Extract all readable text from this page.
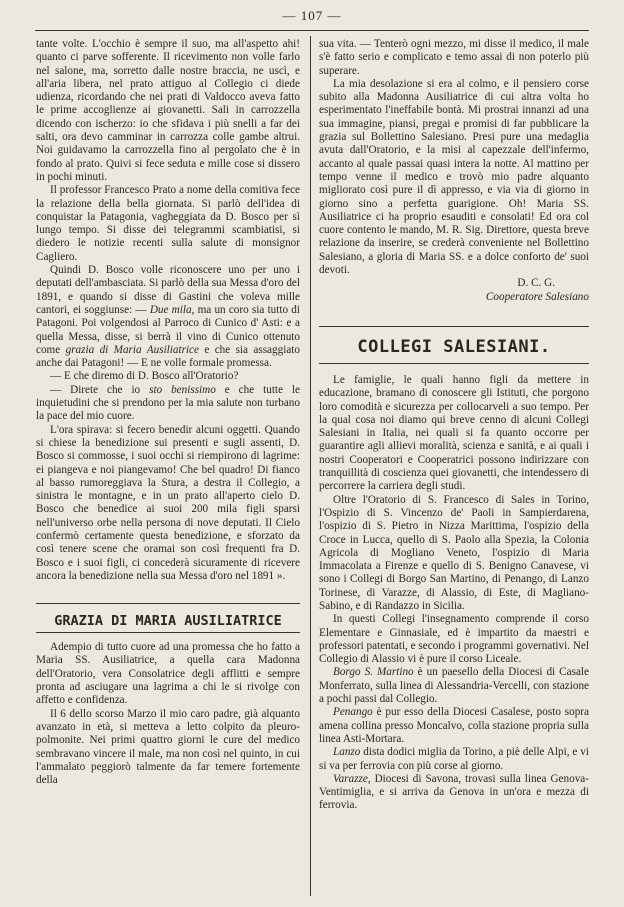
— 107 —

tante volte. L'occhio è sempre il suo, ma all'aspetto ahi! quanto ci parve sofferente. Il ricevimento non volle farlo nel salone, ma, sorretto dalle nostre braccia, ne uscì, e all'aria libera, nel prato attiguo al Collegio ci diede udienza, ricordando che nei prati di Valdocco aveva fatto le prime accoglienze ai giovanetti. Sali in carrozzella dicendo con ischerzo: io che sfidava i più snelli a far dei salti, ora devo camminar in carrozza colle gambe altrui. Noi guidavamo la carrozzella fino al pergolato che è in fondo al prato. Quivi si fece seduta e mille cose si dissero in pochi minuti.

Il professor Francesco Prato a nome della comitiva fece la relazione della bella giornata. Si parlò dell'idea di conquistar la Patagonia, vagheggiata da D. Bosco per sì lungo tempo. Si disse dei telegrammi scambiatisi, si diedero le notizie recenti sulla salute di monsignor Cagliero.

Quindi D. Bosco volle riconoscere uno per uno i deputati dell'ambasciata. Si parlò della sua Messa d'oro del 1891, e quando si disse di Gastini che voleva mille cantori, ei soggiunse: — Due mila, ma un coro sia tutto di Patagoni. Poi volgendosi al Parroco di Cunico d' Asti: e a quella Messa, disse, si berrà il vino di Cunico ottenuto come grazia di Maria Ausiliatrice e che sia assaggiato anche dai Patagoni! — E ne volle formale promessa.

— E che diremo di D. Bosco all'Oratorio?

— Direte che io sto benissimo e che tutte le inquietudini che si prendono per la mia salute non turbano la pace del mio cuore.

L'ora spirava: si fecero benedir alcuni oggetti. Quando si chiese la benedizione sui presenti e sugli assenti, D. Bosco si commosse, i suoi occhi si riempirono di lagrime: ei piangeva e noi piangevamo! Che bel quadro! Di fianco al basso rumoreggiava la Stura, a destra il Collegio, a sinistra le montagne, e in un prato all'aperto cielo D. Bosco che benedice ai suoi 200 mila figli sparsi nell'universo orbe nella persona di nove deputati. Il Cielo confermò certamente questa benedizione, e sforzato da così tenere scene che oramai son così frequenti fra D. Bosco e i suoi figli, ci concederà sicuramente di ricevere ancora la benedizione nella sua Messa d'oro nel 1891 ».

GRAZIA DI MARIA AUSILIATRICE

Adempio di tutto cuore ad una promessa che ho fatto a Maria SS. Ausiliatrice, a quella cara Madonna dell'Oratorio, vera Consolatrice degli afflitti e sempre pronta ad asciugare una lagrima a chi le si rivolge con affetto e confidenza.

Il 6 dello scorso Marzo il mio caro padre, già alquanto avanzato in età, si metteva a letto colpito da pleuro-polmonite. Nei primi quattro giorni le cure del medico sembravano vincere il male, ma non così nel quinto, in cui l'ammalato peggiorò talmente da far temere fortemente della

sua vita. — Tenterò ogni mezzo, mi disse il medico, il male s'è fatto serio e complicato e temo assai di non poterlo più superare.

La mia desolazione si era al colmo, e il pensiero corse subito alla Madonna Ausiliatrice di cui altra volta ho esperimentato l'ineffabile bontà. Mi prostrai innanzi ad una sua immagine, piansi, pregai e promisi di far pubblicare la grazia sul Bollettino Salesiano. Presi pure una medaglia avuta dall'Oratorio, e la misi al capezzale dell'infermo, accanto al quale passai quasi intera la notte. Al mattino per tempo venne il medico e trovò mio padre alquanto migliorato così pure il dì appresso, e via via di giorno in giorno sino a perfetta guarigione. Oh! Maria SS. Ausiliatrice ci ha proprio esauditi e consolati! Ed ora col cuore contento le mando, M. R. Sig. Direttore, questa breve relazione da inserire, se crederà conveniente nel Bollettino Salesiano, a gloria di Maria SS. e a dolce conforto de' suoi devoti.

D. C. G.
Cooperatore Salesiano
COLLEGI SALESIANI.

Le famiglie, le quali hanno figli da mettere in educazione, bramano di conoscere gli Istituti, che porgono loro comodità e sicurezza per collocarveli a suo tempo. Per la qual cosa noi diamo qui breve cenno di alcuni Collegi Salesiani in Italia, nei quali si fa quanto occorre per guarantire agli allievi moralità, scienza e sanità, e ai quali i nostri Cooperatori e Cooperatrici possono indirizzare con tranquillità di coscienza quei giovanetti, che intendessero di percorrere la carriera degli studi.

Oltre l'Oratorio di S. Francesco di Sales in Torino, l'Ospizio di S. Vincenzo de' Paoli in Sampierdarena, l'ospizio di S. Pietro in Nizza Marittima, l'ospizio della Croce in Lucca, quello di S. Paolo alla Spezia, la Colonia Agricola di Mogliano Veneto, l'ospizio di Maria Immacolata a Firenze e quello di S. Benigno Canavese, vi sono i Collegi di Borgo San Martino, di Penango, di Lanzo Torinese, di Varazze, di Alassio, di Este, di Magliano-Sabino, e di Randazzo in Sicilia.

In questi Collegi l'insegnamento comprende il corso Elementare e Ginnasiale, ed è impartito da maestri e professori patentati, e secondo i programmi governativi. Nel Collegio di Alassio vi è pure il corso Liceale.

Borgo S. Martino è un paesello della Diocesi di Casale Monferrato, sulla linea di Alessandria-Vercelli, con stazione a pochi passi dal Collegio.

Penango è pur esso della Diocesi Casalese, posto sopra amena collina presso Moncalvo, colla stazione propria sulla linea Asti-Mortara.

Lanzo dista dodici miglia da Torino, a piè delle Alpi, e vi si va per ferrovia con più corse al giorno.

Varazze, Diocesi di Savona, trovasi sulla linea Genova-Ventimiglia, e si arriva da Genova in un'ora e mezza di ferrovia.
